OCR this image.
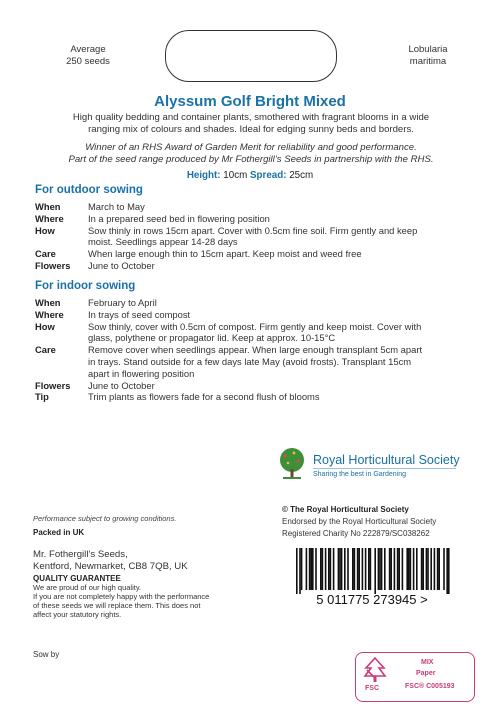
Average
250 seeds
Lobularia
maritima
Alyssum Golf Bright Mixed
High quality bedding and container plants, smothered with fragrant blooms in a wide
ranging mix of colours and shades. Ideal for edging sunny beds and borders.
Winner of an RHS Award of Garden Merit for reliability and good performance.
Part of the seed range produced by Mr Fothergill’s Seeds in partnership with the RHS.
Height: 10cm Spread: 25cm
For outdoor sowing
When	March to May

Where	In a prepared seed bed in flowering position

How	Sow thinly in rows 15cm apart. Cover with 0.5cm fine soil. Firm gently and keep
moist. Seedlings appear 14-28 days

Care	When large enough thin to 15cm apart. Keep moist and weed free

Flowers	June to October
For indoor sowing
When	February to April

Where	In trays of seed compost

How	Sow thinly, cover with 0.5cm of compost. Firm gently and keep moist. Cover with
glass, polythene or propagator lid. Keep at approx. 10-15°C

Care	Remove cover when seedlings appear. When large enough transplant 5cm apart
in trays. Stand outside for a few days late May (avoid frosts). Transplant 15cm
apart in flowering position

Flowers	June to October

Tip	Trim plants as flowers fade for a second flush of blooms
Royal Horticultural Society
Sharing the best in Gardening
Performance subject to growing conditions.
Packed in UK
Mr. Fothergill’s Seeds,
Kentford, Newmarket, CB8 7QB, UK
QUALITY GUARANTEE
We are proud of our high quality.
If you are not completely happy with the performance
of these seeds we will replace them. This does not
affect your statutory rights.
Sow by
© The Royal Horticultural Society
Endorsed by the Royal Horticultural Society
Registered Charity No 222879/SC038262
5 011775 273945 >
FSC
MIX
Paper
FSC® C005193
